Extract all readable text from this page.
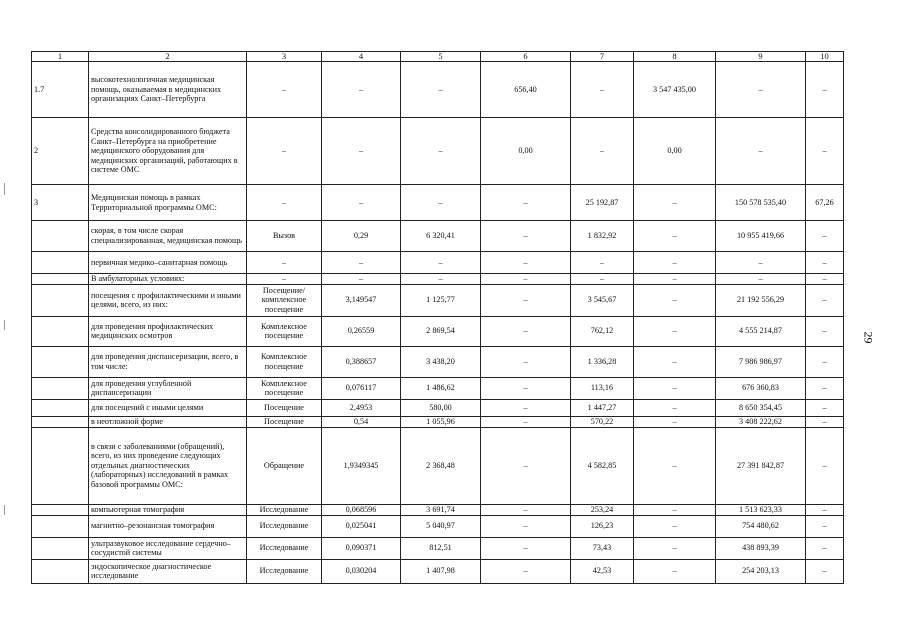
1	2	3	4	5	6	7	8	9	10
1.7	высокотехнологичная медицинская помощь, оказываемая в медицинских организациях Санкт–Петербурга	–	–	–	656,40	–	3 547 435,00	–	–
2	Средства консолидированного бюджета Санкт–Петербурга на приобретение медицинского оборудования для медицинских организаций, работающих в системе ОМС	–	–	–	0,00	–	0,00	–	–
3	Медицинская помощь в рамках Территориальной программы ОМС:	–	–	–	–	25 192,87	–	150 578 535,40	67,26
	скорая, в том числе скорая специализированная, медицинская помощь	Вызов	0,29	6 320,41	–	1 832,92	–	10 955 419,66	–
	первичная медико–санитарная помощь	–	–	–	–	–	–	–	–
	В амбулаторных условиях:	–	–	–	–	–	–	–	–
	посещения с профилактическими и иными целями, всего, из них:	Посещение/ комплексное посещение	3,149547	1 125,77	–	3 545,67	–	21 192 556,29	–
	для проведения профилактических медицинских осмотров	Комплексное посещение	0,26559	2 869,54	–	762,12	–	4 555 214,87	–
	для проведения диспансеризации, всего, в том числе:	Комплексное посещение	0,388657	3 438,20	–	1 336,28	–	7 986 986,97	–
	для проведения углубленной диспансеризации	Комплексное посещение	0,076117	1 486,62	–	113,16	–	676 360,83	–
	для посещений с иными целями	Посещение	2,4953	580,00	–	1 447,27	–	8 650 354,45	–
	в неотложной форме	Посещение	0,54	1 055,96	–	570,22	–	3 408 222,62	–
	в связи с заболеваниями (обращений), всего, из них проведение следующих отдельных диагностических (лабораторных) исследований в рамках базовой программы ОМС:	Обращение	1,9349345	2 368,48	–	4 582,85	–	27 391 842,87	–
	компьютерная томография	Исследование	0,068596	3 691,74	–	253,24	–	1 513 623,33	–
	магнитно–резонансная томография	Исследование	0,025041	5 040,97	–	126,23	–	754 480,62	–
	ультразвуковое исследование сердечно–сосудистой системы	Исследование	0,090371	812,51	–	73,43	–	438 893,39	–
	эндоскопическое диагностическое исследование	Исследование	0,030204	1 407,98	–	42,53	–	254 203,13	–
29
